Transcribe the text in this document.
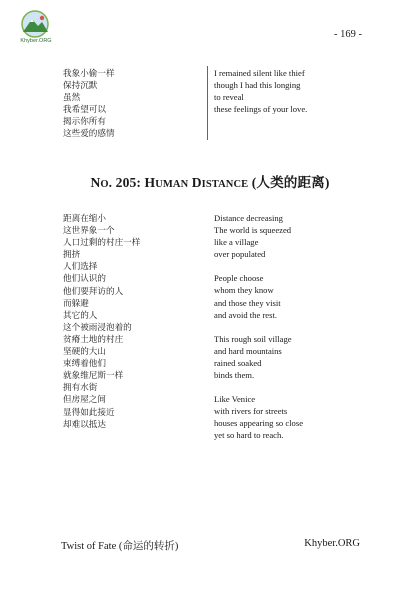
Khyber.ORG
- 169 -
我象小偷一样
保持沉默
虽然
我希望可以
揭示你所有
这些爱的感情
I remained silent like thief
though I had this longing
to reveal
these feelings of your love.
NO. 205: HUMAN DISTANCE (人类的距离)
距离在缩小
这世界象一个
人口过剩的村庄一样
拥挤
人们选择
他们认识的
他们要拜访的人
而躲避
其它的人
这个被雨浸泡着的
贫瘠土地的村庄
坚硬的大山
束缚着他们
就象维尼斯一样
拥有水街
但房屋之间
显得如此接近
却难以抵达
Distance decreasing
The world is squeezed
like a village
over populated
People choose
whom they know
and those they visit
and avoid the rest.
This rough soil village
and hard mountains
rained soaked
binds them.
Like Venice
with rivers for streets
houses appearing so close
yet so hard to reach.
Twist of Fate (命运的转折)	Khyber.ORG
